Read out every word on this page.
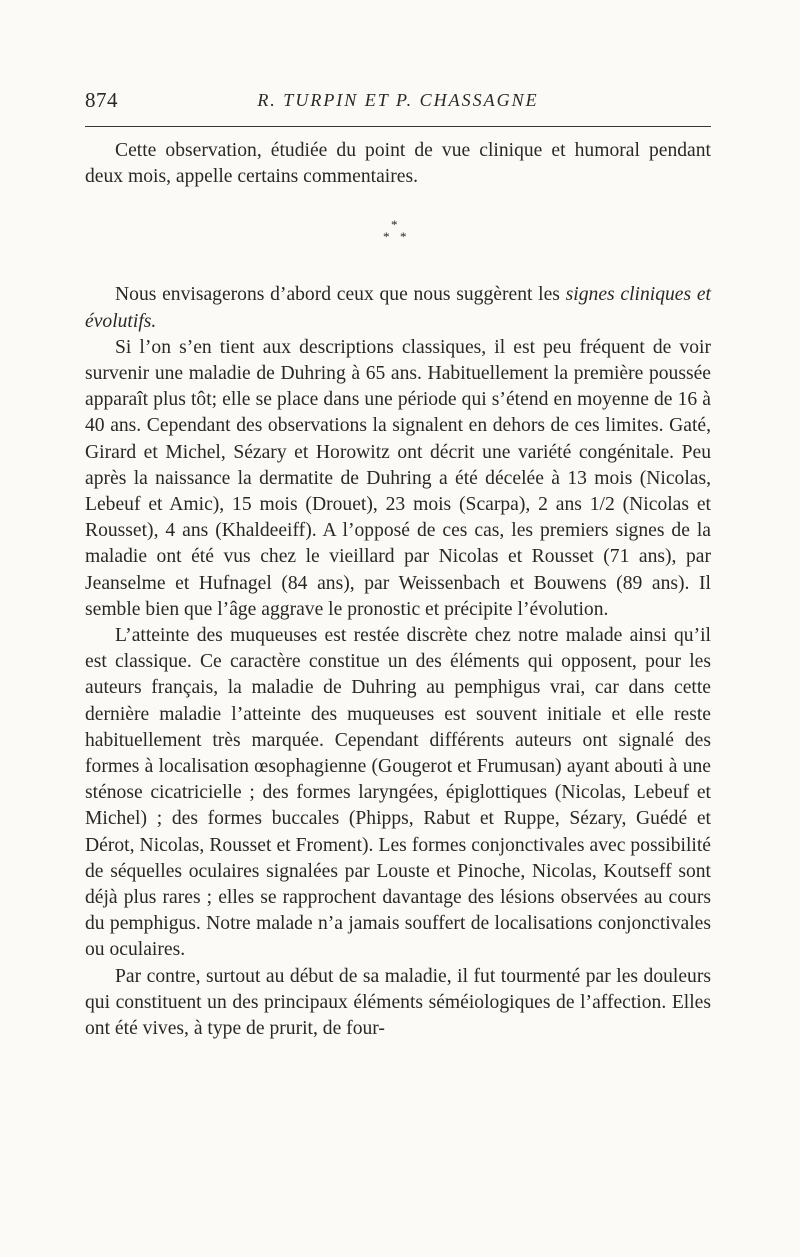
874	R. TURPIN ET P. CHASSAGNE

Cette observation, étudiée du point de vue clinique et humoral pendant deux mois, appelle certains commentaires.

*
* *

Nous envisagerons d’abord ceux que nous suggèrent les signes cliniques et évolutifs.

Si l’on s’en tient aux descriptions classiques, il est peu fréquent de voir survenir une maladie de Duhring à 65 ans. Habituellement la première poussée apparaît plus tôt; elle se place dans une période qui s’étend en moyenne de 16 à 40 ans. Cependant des observations la signalent en dehors de ces limites. Gaté, Girard et Michel, Sézary et Horowitz ont décrit une variété congénitale. Peu après la naissance la dermatite de Duhring a été décelée à 13 mois (Nicolas, Lebeuf et Amic), 15 mois (Drouet), 23 mois (Scarpa), 2 ans 1/2 (Nicolas et Rousset), 4 ans (Khaldeeiff). A l’opposé de ces cas, les premiers signes de la maladie ont été vus chez le vieillard par Nicolas et Rousset (71 ans), par Jeanselme et Hufnagel (84 ans), par Weissenbach et Bouwens (89 ans). Il semble bien que l’âge aggrave le pronostic et précipite l’évolution.

L’atteinte des muqueuses est restée discrète chez notre malade ainsi qu’il est classique. Ce caractère constitue un des éléments qui opposent, pour les auteurs français, la maladie de Duhring au pemphigus vrai, car dans cette dernière maladie l’atteinte des muqueuses est souvent initiale et elle reste habituellement très marquée. Cependant différents auteurs ont signalé des formes à localisation œsophagienne (Gougerot et Frumusan) ayant abouti à une sténose cicatricielle ; des formes laryngées, épiglottiques (Nicolas, Lebeuf et Michel) ; des formes buccales (Phipps, Rabut et Ruppe, Sézary, Guédé et Dérot, Nicolas, Rousset et Froment). Les formes conjonctivales avec possibilité de séquelles oculaires signalées par Louste et Pinoche, Nicolas, Koutseff sont déjà plus rares ; elles se rapprochent davantage des lésions observées au cours du pemphigus. Notre malade n’a jamais souffert de localisations conjonctivales ou oculaires.

Par contre, surtout au début de sa maladie, il fut tourmenté par les douleurs qui constituent un des principaux éléments séméiologiques de l’affection. Elles ont été vives, à type de prurit, de four-
